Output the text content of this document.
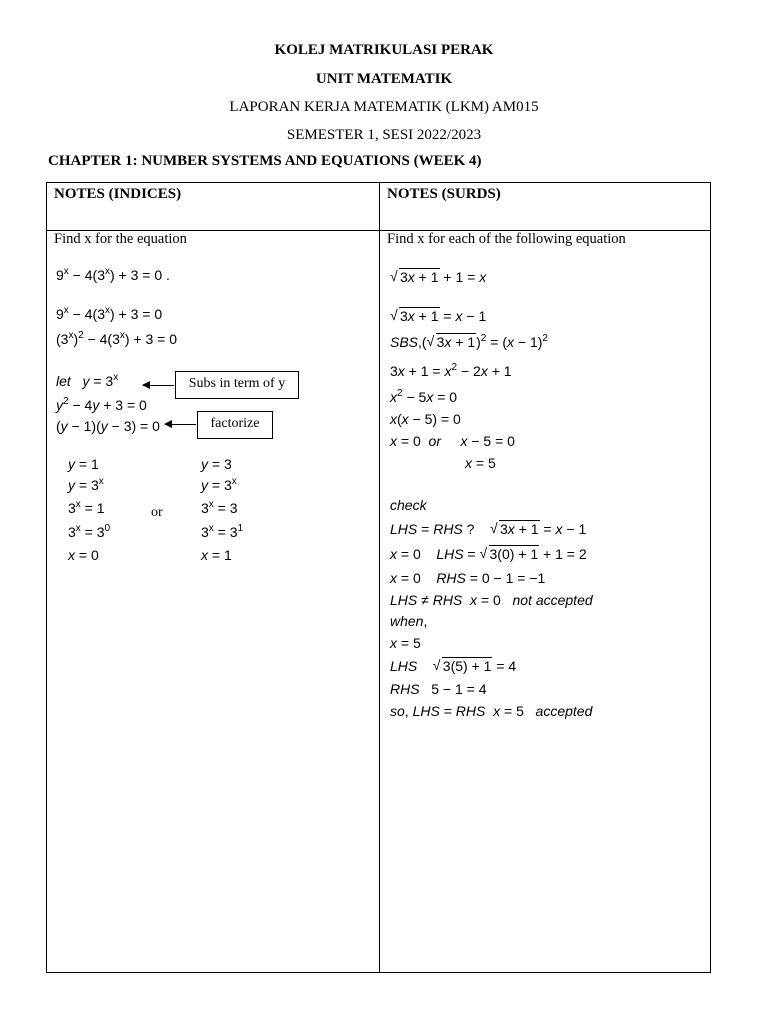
KOLEJ MATRIKULASI PERAK
UNIT MATEMATIK
LAPORAN KERJA MATEMATIK (LKM) AM015
SEMESTER 1, SESI 2022/2023
CHAPTER 1: NUMBER SYSTEMS AND EQUATIONS (WEEK 4)
NOTES (INDICES)	NOTES (SURDS)
Find x for the equation	Find x for each of the following equation
$9^x - 4(3^x) + 3 = 0$ .
$9^x - 4(3^x) + 3 = 0$
$(3^x)^2 - 4(3^x) + 3 = 0$
let $y = 3^x$
$y^2 - 4y + 3 = 0$
(y − 1)(y − 3) = 0
Subs in term of y
factorize
y = 1
$y = 3^x$
$3^x = 1$
$3^x = 3^0$
x = 0
or
y = 3
$y = 3^x$
$3^x = 3$
$3^x = 3^1$
x = 1
√ 3x + 1 + 1 = x
√ 3x + 1 = x − 1
SBS,( √ $3x + 1)^2 = (x - 1)^2$
$3x + 1 = x^2 - 2x + 1$
$x^2 - 5x = 0$
x(x − 5) = 0
x = 0  or x − 5 = 0
x = 5
check
LHS = RHS ?    √ 3x + 1 = x − 1
x = 0    LHS = √ 3(0) + 1 + 1 = 2
x = 0    RHS = 0 − 1 = −1
LHS ≠ RHS x = 0   not accepted
when,
x = 5
LHS √ 3(5) + 1 = 4
RHS   5 − 1 = 4
so, LHS = RHS x = 5   accepted
